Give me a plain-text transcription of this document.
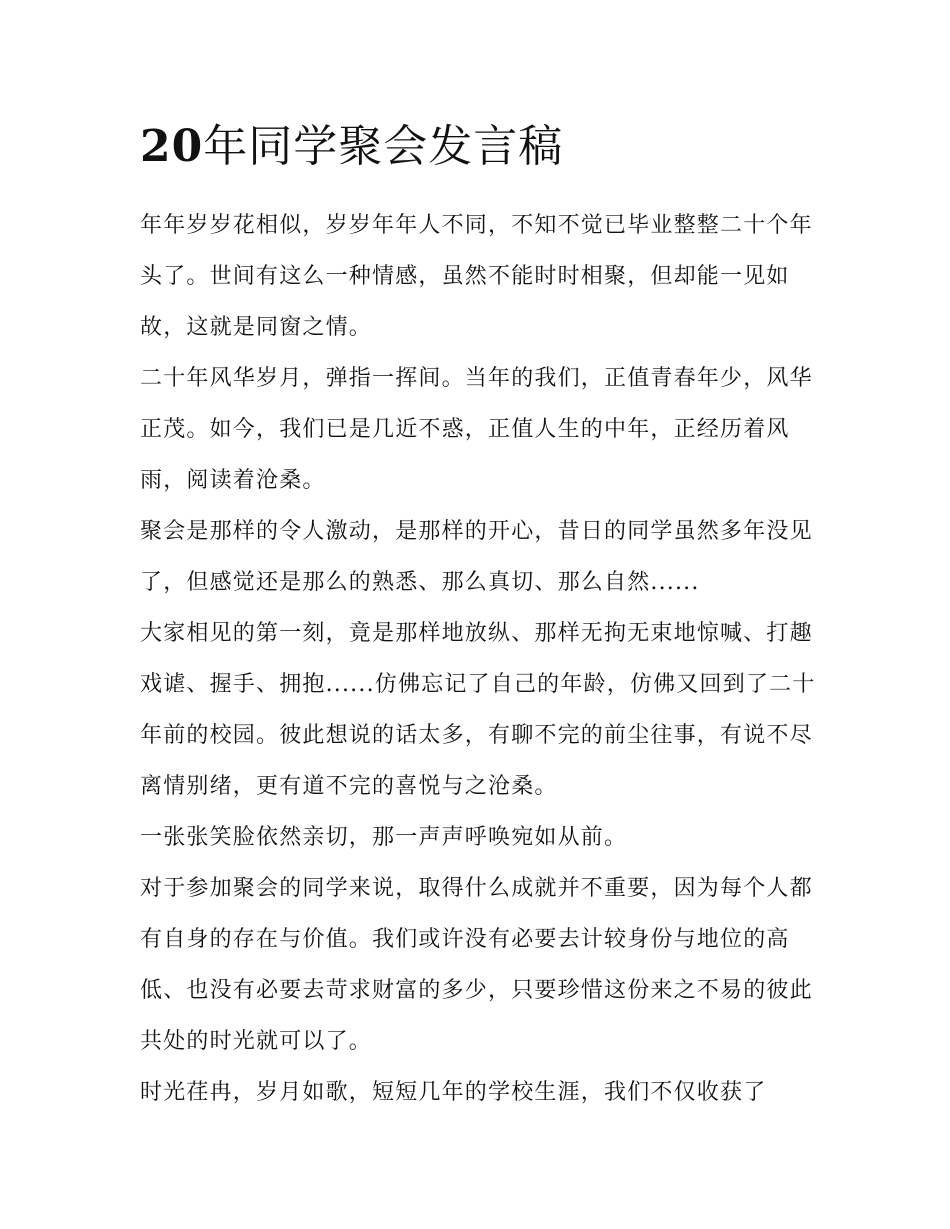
20年同学聚会发言稿

年年岁岁花相似，岁岁年年人不同，不知不觉已毕业整整二十个年头了。世间有这么一种情感，虽然不能时时相聚，但却能一见如故，这就是同窗之情。

二十年风华岁月，弹指一挥间。当年的我们，正值青春年少，风华正茂。如今，我们已是几近不惑，正值人生的中年，正经历着风雨，阅读着沧桑。

聚会是那样的令人激动，是那样的开心，昔日的同学虽然多年没见了，但感觉还是那么的熟悉、那么真切、那么自然......

大家相见的第一刻，竟是那样地放纵、那样无拘无束地惊喊、打趣戏谑、握手、拥抱......仿佛忘记了自己的年龄，仿佛又回到了二十年前的校园。彼此想说的话太多，有聊不完的前尘往事，有说不尽离情别绪，更有道不完的喜悦与之沧桑。

一张张笑脸依然亲切，那一声声呼唤宛如从前。

对于参加聚会的同学来说，取得什么成就并不重要，因为每个人都有自身的存在与价值。我们或许没有必要去计较身份与地位的高低、也没有必要去苛求财富的多少，只要珍惜这份来之不易的彼此共处的时光就可以了。

时光荏冉，岁月如歌，短短几年的学校生涯，我们不仅收获了
